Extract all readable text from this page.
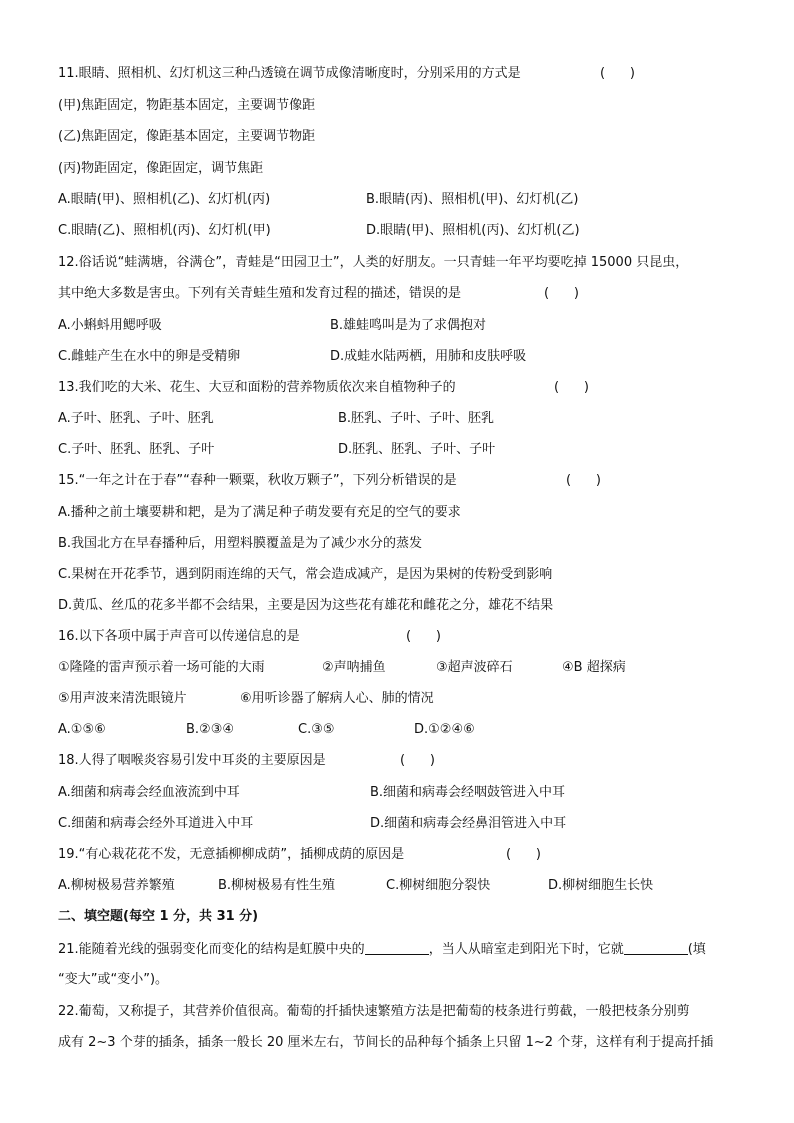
11.眼睛、照相机、幻灯机这三种凸透镜在调节成像清晰度时，分别采用的方式是	(      )
(甲)焦距固定，物距基本固定，主要调节像距
(乙)焦距固定，像距基本固定，主要调节物距
(丙)物距固定，像距固定，调节焦距
A.眼睛(甲)、照相机(乙)、幻灯机(丙)	B.眼睛(丙)、照相机(甲)、幻灯机(乙)
C.眼睛(乙)、照相机(丙)、幻灯机(甲)	D.眼睛(甲)、照相机(丙)、幻灯机(乙)
12.俗话说“蛙满塘，谷满仓”，青蛙是“田园卫士”，人类的好朋友。一只青蛙一年平均要吃掉 15000 只昆虫，
其中绝大多数是害虫。下列有关青蛙生殖和发育过程的描述，错误的是	(      )
A.小蝌蚪用鳃呼吸	B.雄蛙鸣叫是为了求偶抱对
C.雌蛙产生在水中的卵是受精卵	D.成蛙水陆两栖，用肺和皮肤呼吸
13.我们吃的大米、花生、大豆和面粉的营养物质依次来自植物种子的	(      )
A.子叶、胚乳、子叶、胚乳	B.胚乳、子叶、子叶、胚乳
C.子叶、胚乳、胚乳、子叶	D.胚乳、胚乳、子叶、子叶
15.“一年之计在于春”“春种一颗粟，秋收万颗子”，下列分析错误的是	(      )
A.播种之前土壤要耕和耙，是为了满足种子萌发要有充足的空气的要求
B.我国北方在早春播种后，用塑料膜覆盖是为了减少水分的蒸发
C.果树在开花季节，遇到阴雨连绵的天气，常会造成减产，是因为果树的传粉受到影响
D.黄瓜、丝瓜的花多半都不会结果，主要是因为这些花有雄花和雌花之分，雄花不结果
16.以下各项中属于声音可以传递信息的是	(      )
①隆隆的雷声预示着一场可能的大雨	②声呐捕鱼	③超声波碎石	④B 超探病
⑤用声波来清洗眼镜片	⑥用听诊器了解病人心、肺的情况
A.①⑤⑥	B.②③④	C.③⑤	D.①②④⑥
18.人得了咽喉炎容易引发中耳炎的主要原因是	(      )
A.细菌和病毒会经血液流到中耳	B.细菌和病毒会经咽鼓管进入中耳
C.细菌和病毒会经外耳道进入中耳	D.细菌和病毒会经鼻泪管进入中耳
19.“有心栽花花不发，无意插柳柳成荫”，插柳成荫的原因是	(      )
A.柳树极易营养繁殖	B.柳树极易有性生殖	C.柳树细胞分裂快	D.柳树细胞生长快
二、填空题(每空 1 分，共 31 分)
21.能随着光线的强弱变化而变化的结构是虹膜中央的	，当人从暗室走到阳光下时，它就	(填
“变大”或“变小”)。
22.葡萄，又称提子，其营养价值很高。葡萄的扦插快速繁殖方法是把葡萄的枝条进行剪截，一般把枝条分别剪
成有 2~3 个芽的插条，插条一般长 20 厘米左右，节间长的品种每个插条上只留 1~2 个芽，这样有利于提高扦插
